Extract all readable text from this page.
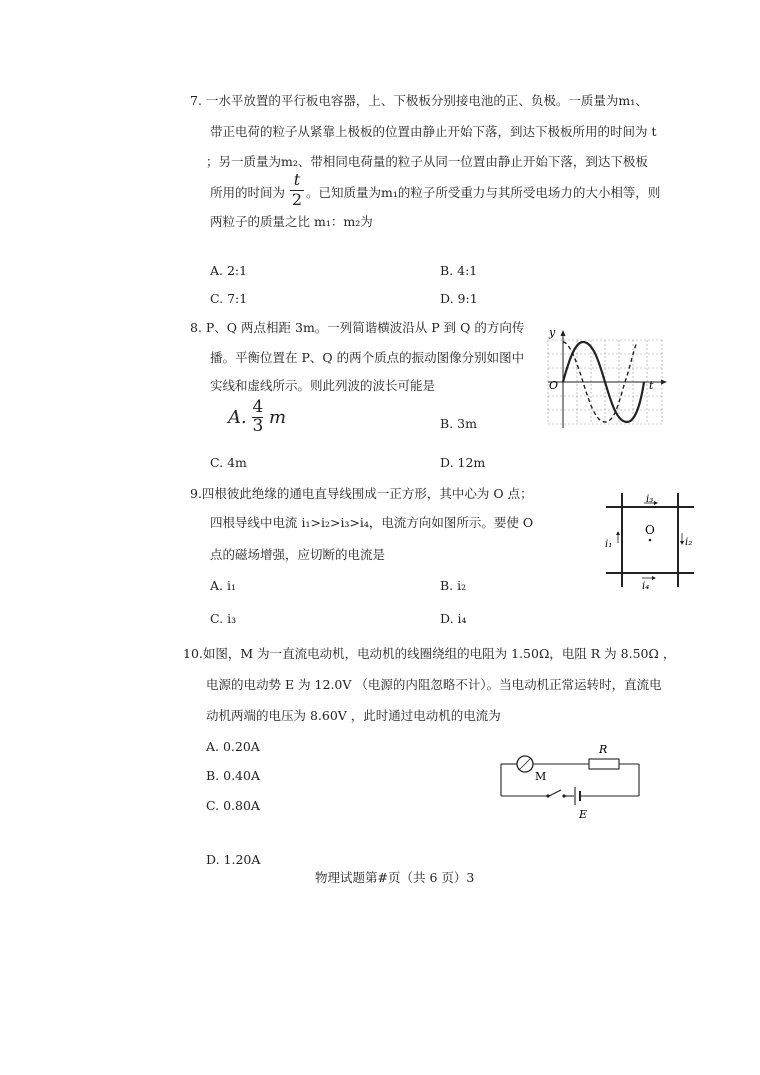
7. 一水平放置的平行板电容器，上、下极板分别接电池的正、负极。一质量为m₁、
带正电荷的粒子从紧靠上极板的位置由静止开始下落，到达下极板所用的时间为 t
；另一质量为m₂、带相同电荷量的粒子从同一位置由静止开始下落，到达下极板
所用的时间为 $\frac{t}{2}$ 。已知质量为m₁的粒子所受重力与其所受电场力的大小相等，则
两粒子的质量之比 m₁：m₂为
A. 2:1	B. 4:1
C. 7:1	D. 9:1
8. P、Q 两点相距 3m。一列简谐横波沿从 P 到 Q 的方向传
播。平衡位置在 P、Q 的两个质点的振动图像分别如图中
实线和虚线所示。则此列波的波长可能是
A. $\frac{4}{3}$ m	B. 3m
C. 4m	D. 12m
y
O	t
9.四根彼此绝缘的通电直导线围成一正方形，其中心为 O 点；
四根导线中电流 i₁>i₂>i₃>i₄，电流方向如图所示。要使 O
点的磁场增强，应切断的电流是
A. i₁	B. i₂
C. i₃	D. i₄
i₃
i₁	i₂
i₄
O
10.如图，M 为一直流电动机，电动机的线圈绕组的电阻为 1.50Ω，电阻 R 为 8.50Ω ，
电源的电动势 E 为 12.0V （电源的内阻忽略不计）。当电动机正常运转时，直流电
动机两端的电压为 8.60V ，此时通过电动机的电流为
A. 0.20A
B. 0.40A
C. 0.80A
D. 1.20A
M
R
E
物理试题第#页（共 6 页）3
